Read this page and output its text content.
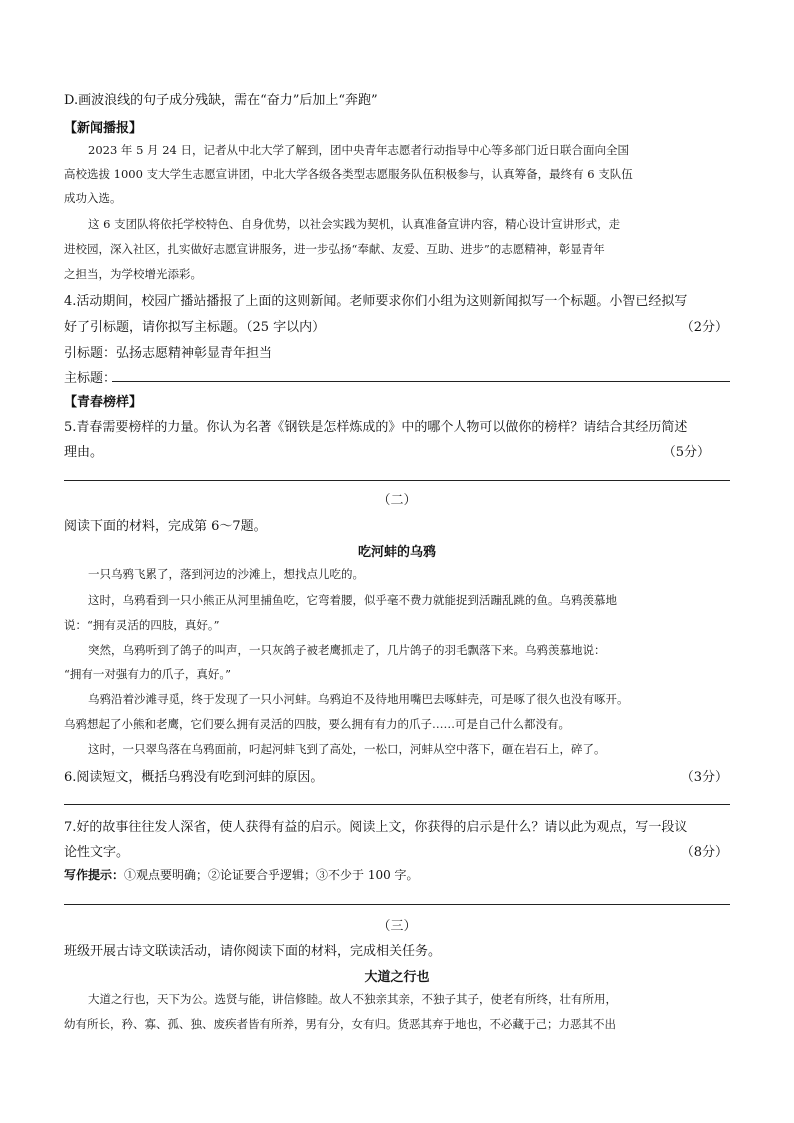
D.画波浪线的句子成分残缺，需在“奋力”后加上“奔跑”
【新闻播报】
2023 年 5 月 24 日，记者从中北大学了解到，团中央青年志愿者行动指导中心等多部门近日联合面向全国
高校选拔 1000 支大学生志愿宣讲团，中北大学各级各类型志愿服务队伍积极参与，认真筹备，最终有 6 支队伍
成功入选。
这 6 支团队将依托学校特色、自身优势，以社会实践为契机，认真准备宣讲内容，精心设计宣讲形式，走
进校园，深入社区，扎实做好志愿宣讲服务，进一步弘扬“奉献、友爱、互助、进步”的志愿精神，彰显青年
之担当，为学校增光添彩。
4.活动期间，校园广播站播报了上面的这则新闻。老师要求你们小组为这则新闻拟写一个标题。小智已经拟写
好了引标题，请你拟写主标题。（25 字以内）	（2分）
引标题：弘扬志愿精神彰显青年担当
主标题：
【青春榜样】
5.青春需要榜样的力量。你认为名著《钢铁是怎样炼成的》中的哪个人物可以做你的榜样？请结合其经历简述
理由。	（5分）
（二）
阅读下面的材料，完成第 6～7题。
吃河蚌的乌鸦
一只乌鸦飞累了，落到河边的沙滩上，想找点儿吃的。
这时，乌鸦看到一只小熊正从河里捕鱼吃，它弯着腰，似乎毫不费力就能捉到活蹦乱跳的鱼。乌鸦羡慕地
说：“拥有灵活的四肢，真好。”
突然，乌鸦听到了鸽子的叫声，一只灰鸽子被老鹰抓走了，几片鸽子的羽毛飘落下来。乌鸦羡慕地说：
“拥有一对强有力的爪子，真好。”
乌鸦沿着沙滩寻觅，终于发现了一只小河蚌。乌鸦迫不及待地用嘴巴去啄蚌壳，可是啄了很久也没有啄开。
乌鸦想起了小熊和老鹰，它们要么拥有灵活的四肢，要么拥有有力的爪子……可是自己什么都没有。
这时，一只翠鸟落在乌鸦面前，叼起河蚌飞到了高处，一松口，河蚌从空中落下，砸在岩石上，碎了。
6.阅读短文，概括乌鸦没有吃到河蚌的原因。	（3分）
7.好的故事往往发人深省，使人获得有益的启示。阅读上文，你获得的启示是什么？请以此为观点，写一段议
论性文字。	（8分）
写作提示：①观点要明确；②论证要合乎逻辑；③不少于 100 字。
（三）
班级开展古诗文联读活动，请你阅读下面的材料，完成相关任务。
大道之行也
大道之行也，天下为公。选贤与能，讲信修睦。故人不独亲其亲，不独子其子，使老有所终，壮有所用，
幼有所长，矜、寡、孤、独、废疾者皆有所养，男有分，女有归。货恶其弃于地也，不必藏于己；力恶其不出
